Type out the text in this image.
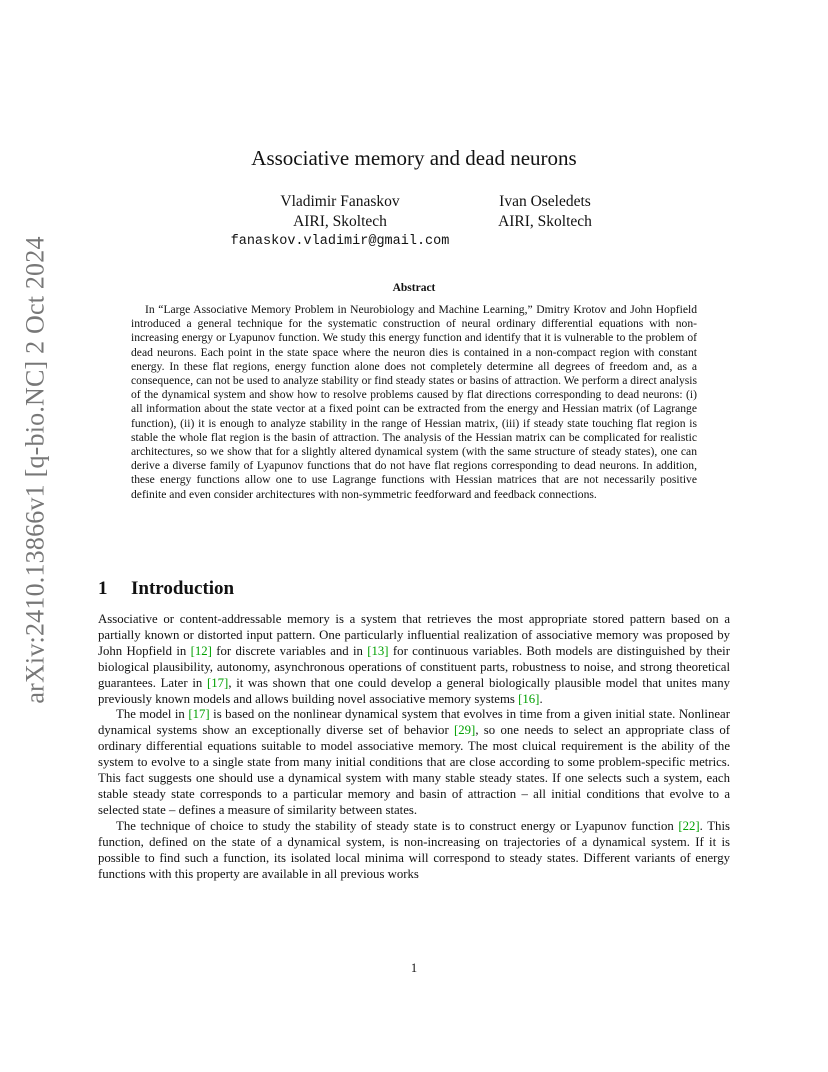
arXiv:2410.13866v1 [q-bio.NC] 2 Oct 2024
Associative memory and dead neurons
Vladimir Fanaskov
AIRI, Skoltech
fanaskov.vladimir@gmail.com
Ivan Oseledets
AIRI, Skoltech
Abstract

In “Large Associative Memory Problem in Neurobiology and Machine Learning,” Dmitry Krotov and John Hopfield introduced a general technique for the systematic construction of neural ordinary differential equations with non-increasing energy or Lyapunov function. We study this energy function and identify that it is vulnerable to the problem of dead neurons. Each point in the state space where the neuron dies is contained in a non-compact region with constant energy. In these flat regions, energy function alone does not completely determine all degrees of freedom and, as a consequence, can not be used to analyze stability or find steady states or basins of attraction. We perform a direct analysis of the dynamical system and show how to resolve problems caused by flat directions corresponding to dead neurons: (i) all information about the state vector at a fixed point can be extracted from the energy and Hessian matrix (of Lagrange function), (ii) it is enough to analyze stability in the range of Hessian matrix, (iii) if steady state touching flat region is stable the whole flat region is the basin of attraction. The analysis of the Hessian matrix can be complicated for realistic architectures, so we show that for a slightly altered dynamical system (with the same structure of steady states), one can derive a diverse family of Lyapunov functions that do not have flat regions corresponding to dead neurons. In addition, these energy functions allow one to use Lagrange functions with Hessian matrices that are not necessarily positive definite and even consider architectures with non-symmetric feedforward and feedback connections.

1 Introduction

Associative or content-addressable memory is a system that retrieves the most appropriate stored pattern based on a partially known or distorted input pattern. One particularly influential realization of associative memory was proposed by John Hopfield in [12] for discrete variables and in [13] for continuous variables. Both models are distinguished by their biological plausibility, autonomy, asynchronous operations of constituent parts, robustness to noise, and strong theoretical guarantees. Later in [17], it was shown that one could develop a general biologically plausible model that unites many previously known models and allows building novel associative memory systems [16].

The model in [17] is based on the nonlinear dynamical system that evolves in time from a given initial state. Nonlinear dynamical systems show an exceptionally diverse set of behavior [29], so one needs to select an appropriate class of ordinary differential equations suitable to model associative memory. The most cluical requirement is the ability of the system to evolve to a single state from many initial conditions that are close according to some problem-specific metrics. This fact suggests one should use a dynamical system with many stable steady states. If one selects such a system, each stable steady state corresponds to a particular memory and basin of attraction – all initial conditions that evolve to a selected state – defines a measure of similarity between states.

The technique of choice to study the stability of steady state is to construct energy or Lyapunov function [22]. This function, defined on the state of a dynamical system, is non-increasing on trajectories of a dynamical system. If it is possible to find such a function, its isolated local minima will correspond to steady states. Different variants of energy functions with this property are available in all previous works

1
